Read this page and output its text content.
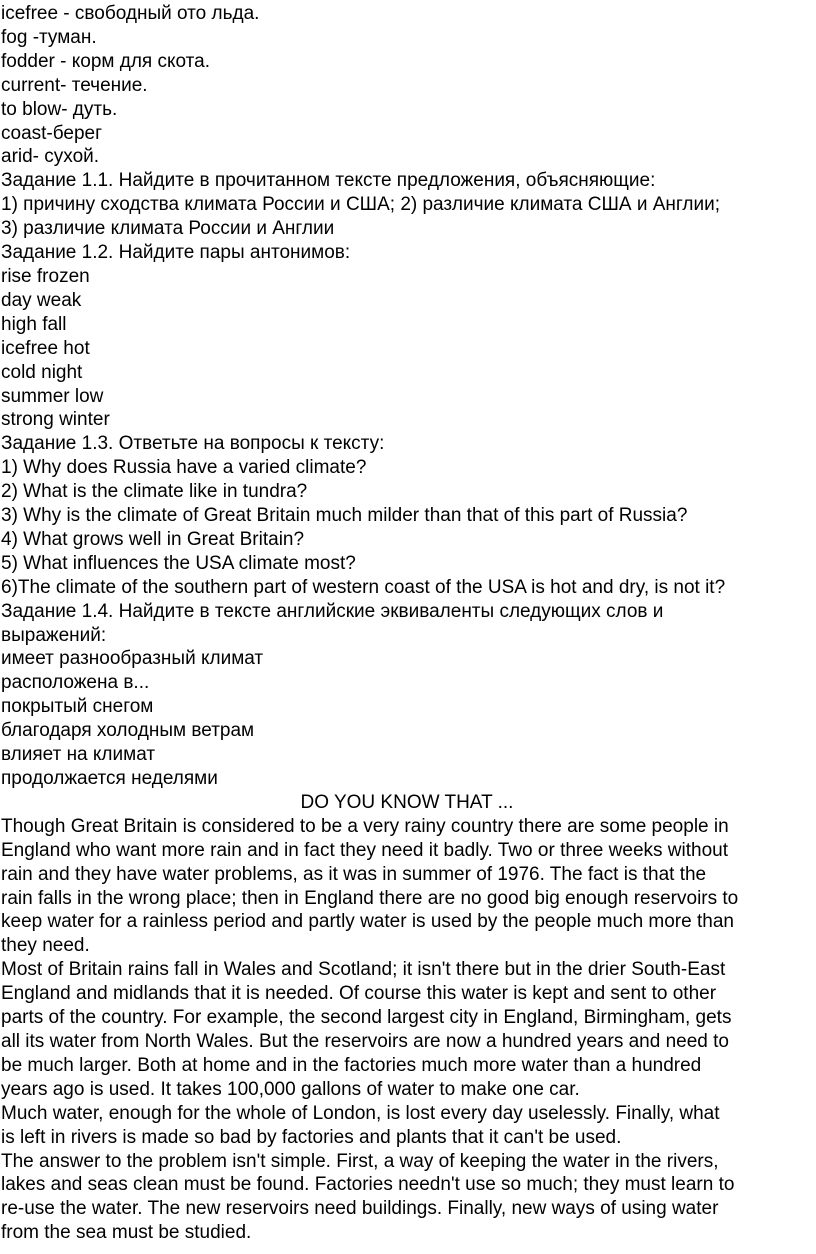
icefree - свободный ото льда.
fog -туман.
fodder - корм для скота.
current- течение.
to blow- дуть.
coast-берег
arid- сухой.
Задание 1.1. Найдите в прочитанном тексте предложения, объясняющие:
1) причину сходства климата России и США; 2) различие климата США и Англии;
3) различие климата России и Англии
Задание 1.2. Найдите пары антонимов:
rise frozen
day weak
high fall
icefree hot
cold night
summer low
strong winter
Задание 1.3. Ответьте на вопросы к тексту:
1) Why does Russia have a varied climate?
2) What is the climate like in tundra?
3) Why is the climate of Great Britain much milder than that of this part of Russia?
4) What grows well in Great Britain?
5) What influences the USA climate most?
6)The climate of the southern part of western coast of the USA is hot and dry, is not it?
Задание 1.4. Найдите в тексте английские эквиваленты следующих слов и
выражений:
имеет разнообразный климат
расположена в...
покрытый снегом
благодаря холодным ветрам
влияет на климат
продолжается неделями
DO YOU KNOW THAT ...
Though Great Britain is considered to be a very rainy country there are some people in
England who want more rain and in fact they need it badly. Two or three weeks without
rain and they have water problems, as it was in summer of 1976. The fact is that the
rain falls in the wrong place; then in England there are no good big enough reservoirs to
keep water for a rainless period and partly water is used by the people much more than
they need.
Most of Britain rains fall in Wales and Scotland; it isn't there but in the drier South-East
England and midlands that it is needed. Of course this water is kept and sent to other
parts of the country. For example, the second largest city in England, Birmingham, gets
all its water from North Wales. But the reservoirs are now a hundred years and need to
be much larger. Both at home and in the factories much more water than a hundred
years ago is used. It takes 100,000 gallons of water to make one car.
Much water, enough for the whole of London, is lost every day uselessly. Finally, what
is left in rivers is made so bad by factories and plants that it can't be used.
The answer to the problem isn't simple. First, a way of keeping the water in the rivers,
lakes and seas clean must be found. Factories needn't use so much; they must learn to
re-use the water. The new reservoirs need buildings. Finally, new ways of using water
from the sea must be studied.
